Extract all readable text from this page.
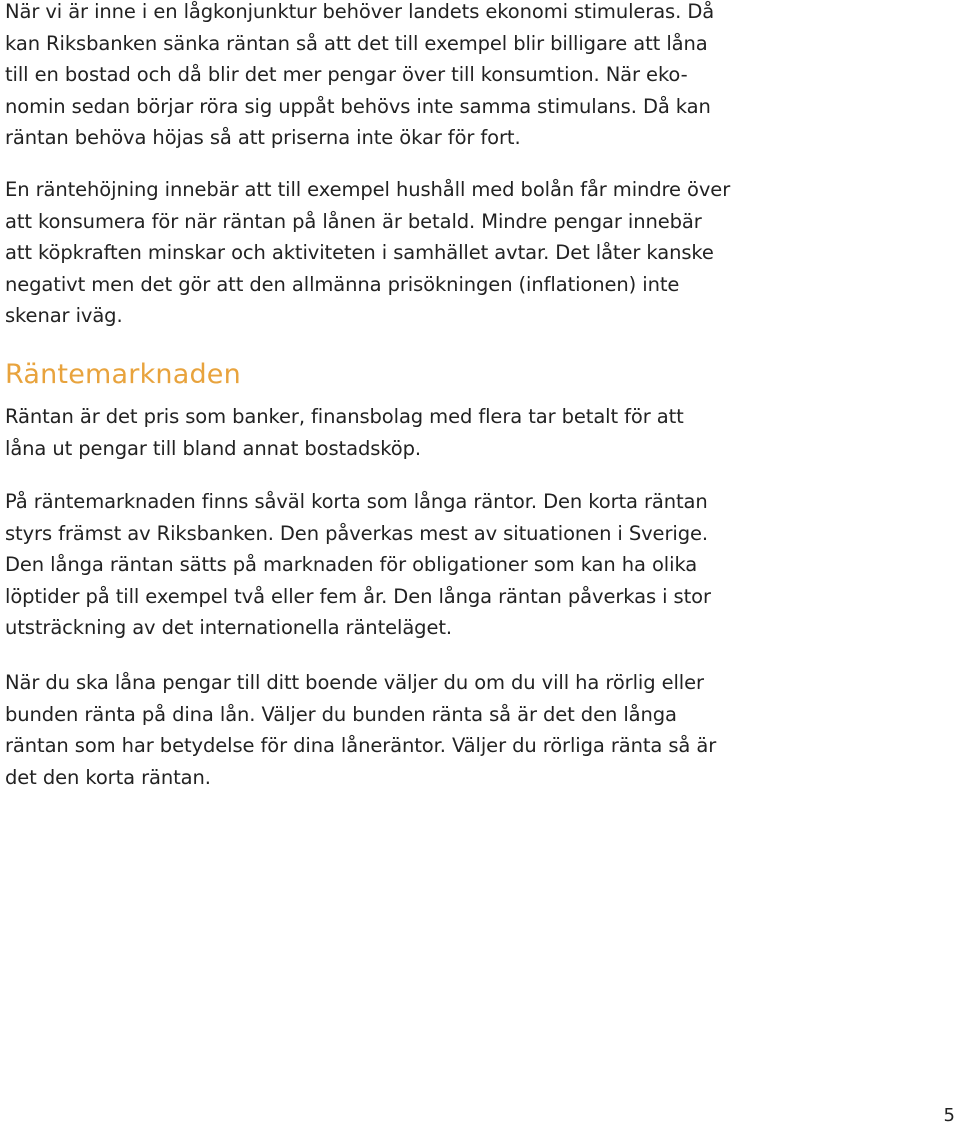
När vi är inne i en lågkonjunktur behöver landets ekonomi stimuleras. Då
kan Riksbanken sänka räntan så att det till exempel blir billigare att låna
till en bostad och då blir det mer pengar över till konsumtion. När eko-
nomin sedan börjar röra sig uppåt behövs inte samma stimulans. Då kan
räntan behöva höjas så att priserna inte ökar för fort.
En räntehöjning innebär att till exempel hushåll med bolån får mindre över
att konsumera för när räntan på lånen är betald. Mindre pengar innebär
att köpkraften minskar och aktiviteten i samhället avtar. Det låter kanske
negativt men det gör att den allmänna prisökningen (inflationen) inte
skenar iväg.
Räntemarknaden
Räntan är det pris som banker, finansbolag med flera tar betalt för att
låna ut pengar till bland annat bostadsköp.
På räntemarknaden finns såväl korta som långa räntor. Den korta räntan
styrs främst av Riksbanken. Den påverkas mest av situationen i Sverige.
Den långa räntan sätts på marknaden för obligationer som kan ha olika
löptider på till exempel två eller fem år. Den långa räntan påverkas i stor
utsträckning av det internationella ränteläget.
När du ska låna pengar till ditt boende väljer du om du vill ha rörlig eller
bunden ränta på dina lån. Väljer du bunden ränta så är det den långa
räntan som har betydelse för dina låneräntor. Väljer du rörliga ränta så är
det den korta räntan.
5
